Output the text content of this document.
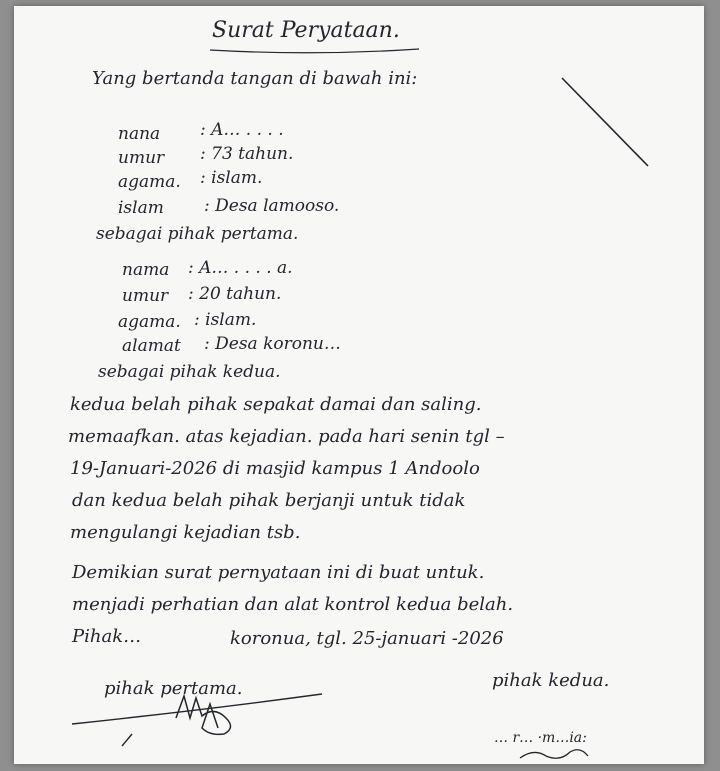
Surat Peryataan.
Yang bertanda tangan di bawah ini:
nana : A… . . . .
umur : 73 tahun.
agama. : islam.
islam : Desa lamooso.
sebagai pihak pertama.
nama : A… . . . . a.
umur : 20 tahun.
agama. : islam.
alamat : Desa koronu…
sebagai pihak kedua.
kedua belah pihak sepakat damai dan saling.
memaafkan. atas kejadian. pada hari senin tgl –
19-Januari-2026 di masjid kampus 1 Andoolo
dan kedua belah pihak berjanji untuk tidak
mengulangi kejadian tsb.
Demikian surat pernyataan ini di buat untuk.
menjadi perhatian dan alat kontrol kedua belah.
Pihak…	koronua, tgl. 25-januari -2026
pihak pertama.	pihak kedua.
… r… ·m…ia:
